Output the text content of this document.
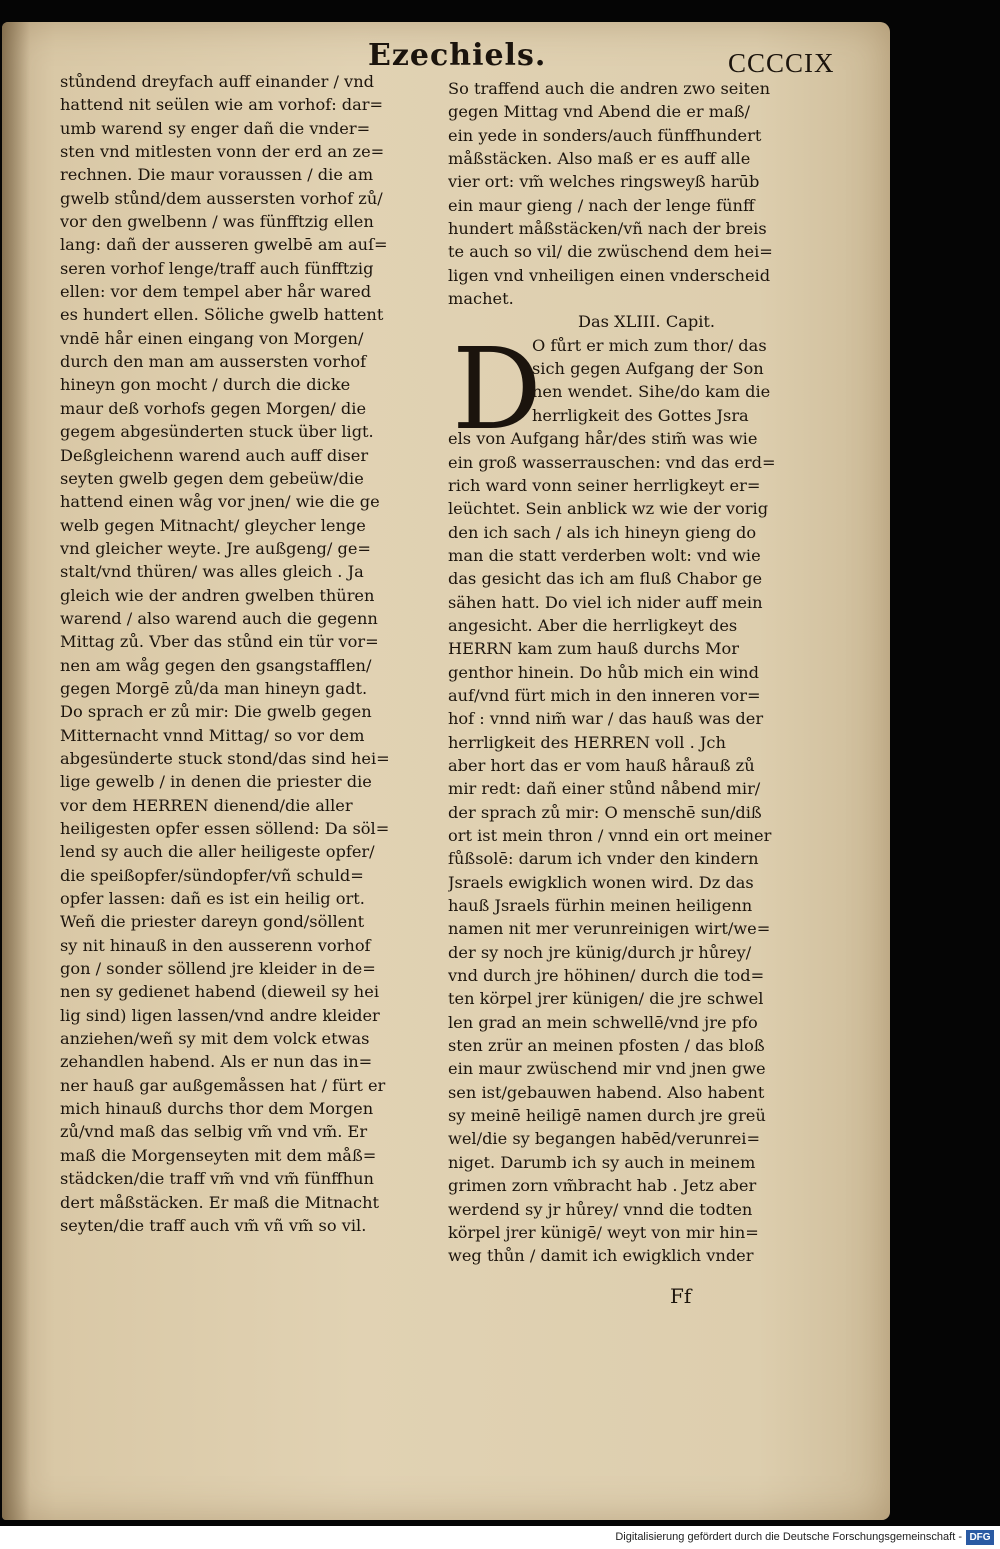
Ezechiels.	CCCCIX
stůndend dreyfach auff einander / vnd
hattend nit seülen wie am vorhof: dar=
umb warend sy enger dañ die vnder=
sten vnd mitlesten vonn der erd an ze=
rechnen. Die maur voraussen / die am
gwelb stůnd/dem aussersten vorhof zů/
vor den gwelbenn / was fünfftzig ellen
lang: dañ der ausseren gwelbē am auſ=
seren vorhof lenge/traff auch fünfftzig
ellen: vor dem tempel aber hår wared
es hundert ellen. Söliche gwelb hattent
vndē hår einen eingang von Morgen/
durch den man am aussersten vorhof
hineyn gon mocht / durch die dicke
maur deß vorhofs gegen Morgen/ die
gegem abgesünderten stuck über ligt.
Deßgleichenn warend auch auff diser
seyten gwelb gegen dem gebeüw/die
hattend einen wåg vor jnen/ wie die ge
welb gegen Mitnacht/ gleycher lenge
vnd gleicher weyte. Jre außgeng/ ge=
stalt/vnd thüren/ was alles gleich . Ja
gleich wie der andren gwelben thüren
warend / also warend auch die gegenn
Mittag zů. Vber das stůnd ein tür vor=
nen am wåg gegen den gsangstafflen/
gegen Morgē zů/da man hineyn gadt.
Do sprach er zů mir: Die gwelb gegen
Mitternacht vnnd Mittag/ so vor dem
abgesünderte stuck stond/das sind hei=
lige gewelb / in denen die priester die
vor dem HERREN dienend/die aller
heiligesten opfer essen söllend: Da söl=
lend sy auch die aller heiligeste opfer/
die speißopfer/sündopfer/vñ schuld=
opfer lassen: dañ es ist ein heilig ort.
Weñ die priester dareyn gond/söllent
sy nit hinauß in den ausserenn vorhof
gon / sonder söllend jre kleider in de=
nen sy gedienet habend (dieweil sy hei
lig sind) ligen lassen/vnd andre kleider
anziehen/weñ sy mit dem volck etwas
zehandlen habend. Als er nun das in=
ner hauß gar außgemåssen hat / fürt er
mich hinauß durchs thor dem Morgen
zů/vnd maß das selbig vm̃ vnd vm̃. Er
maß die Morgenseyten mit dem måß=
städcken/die traff vm̃ vnd vm̃ fünffhun
dert måßstäcken. Er maß die Mitnacht
seyten/die traff auch vm̃ vñ vm̃ so vil.
So traffend auch die andren zwo seiten
gegen Mittag vnd Abend die er maß/
ein yede in sonders/auch fünffhundert
måßstäcken. Also maß er es auff alle
vier ort: vm̃ welches ringsweyß harūb
ein maur gieng / nach der lenge fünff
hundert måßstäcken/vñ nach der breis
te auch so vil/ die zwüschend dem hei=
ligen vnd vnheiligen einen vnderscheid
machet.
Das XLIII. Capit.
D
O fůrt er mich zum thor/ das
sich gegen Aufgang der Son
nen wendet. Sihe/do kam die
herrligkeit des Gottes Jsra
els von Aufgang hår/des stim̃ was wie
ein groß wasserrauschen: vnd das erd=
rich ward vonn seiner herrligkeyt er=
leüchtet. Sein anblick wz wie der vorig
den ich sach / als ich hineyn gieng do
man die statt verderben wolt: vnd wie
das gesicht das ich am fluß Chabor ge
sähen hatt. Do viel ich nider auff mein
angesicht. Aber die herrligkeyt des
HERRN kam zum hauß durchs Mor
genthor hinein. Do hůb mich ein wind
auf/vnd fürt mich in den inneren vor=
hof : vnnd nim̃ war / das hauß was der
herrligkeit des HERREN voll . Jch
aber hort das er vom hauß hårauß zů
mir redt: dañ einer stůnd nåbend mir/
der sprach zů mir: O menschē sun/diß
ort ist mein thron / vnnd ein ort meiner
fůßsolē: darum ich vnder den kindern
Jsraels ewigklich wonen wird. Dz das
hauß Jsraels fürhin meinen heiligenn
namen nit mer verunreinigen wirt/we=
der sy noch jre künig/durch jr hůrey/
vnd durch jre höhinen/ durch die tod=
ten körpel jrer künigen/ die jre schwel
len grad an mein schwellē/vnd jre pfo
sten zrür an meinen pfosten / das bloß
ein maur zwüschend mir vnd jnen gwe
sen ist/gebauwen habend. Also habent
sy meinē heiligē namen durch jre greü
wel/die sy begangen habēd/verunrei=
niget. Darumb ich sy auch in meinem
grimen zorn vm̃bracht hab . Jetz aber
werdend sy jr hůrey/ vnnd die todten
körpel jrer künigē/ weyt von mir hin=
weg thůn / damit ich ewigklich vnder
Ff
Digitalisierung gefördert durch die Deutsche Forschungsgemeinschaft - DFG
